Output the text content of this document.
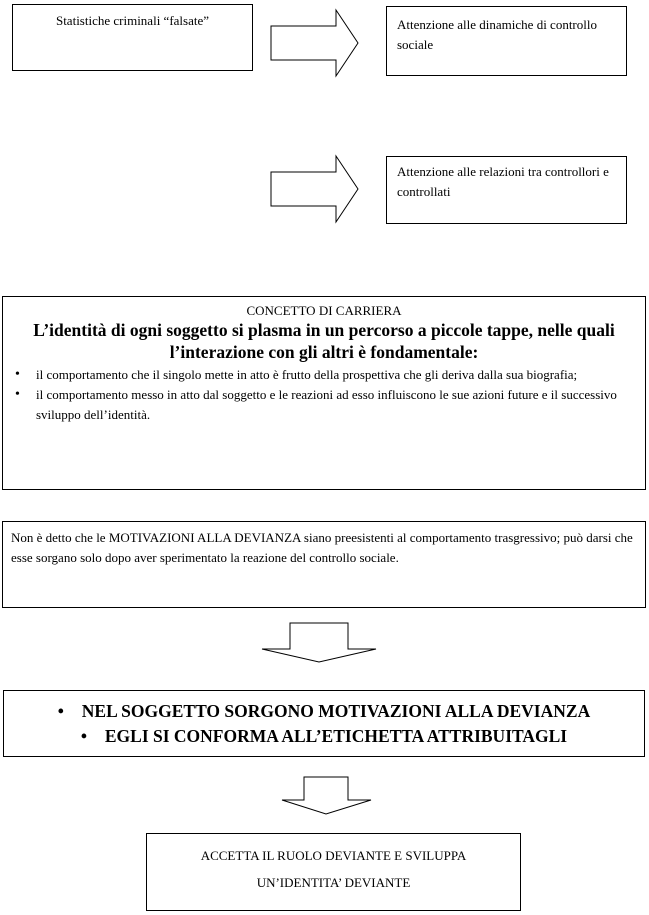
Statistiche criminali “falsate”	Attenzione alle dinamiche di controllo sociale
Attenzione alle relazioni tra controllori e controllati
CONCETTO DI CARRIERA
L’identità di ogni soggetto si plasma in un percorso a piccole tappe, nelle quali l’interazione con gli altri è fondamentale:
• il comportamento che il singolo mette in atto è frutto della prospettiva che gli deriva dalla sua biografia;
• il comportamento messo in atto dal soggetto e le reazioni ad esso influiscono le sue azioni future e il successivo sviluppo dell’identità.
Non è detto che le MOTIVAZIONI ALLA DEVIANZA siano preesistenti al comportamento trasgressivo; può darsi che esse sorgano solo dopo aver sperimentato la reazione del controllo sociale.
• NEL SOGGETTO SORGONO MOTIVAZIONI ALLA DEVIANZA
• EGLI SI CONFORMA ALL’ETICHETTA ATTRIBUITAGLI
ACCETTA IL RUOLO DEVIANTE E SVILUPPA
UN’IDENTITA’ DEVIANTE
